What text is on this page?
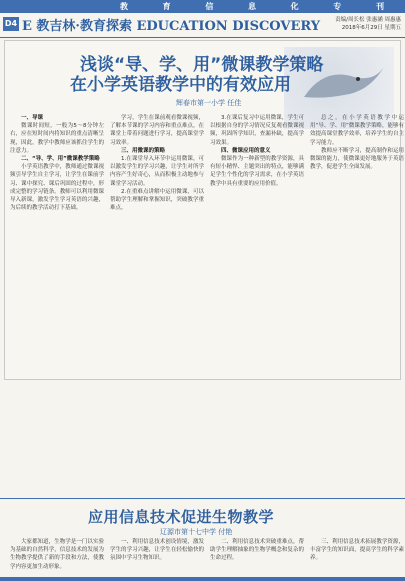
教	育	信	息	化	专	刊
D4 E 教吉林·教育探索 EDUCATION DISCOVERY	责编/周长松 张惠涵 周惠惠
2018年6月29日 星期五
浅谈“导、学、用”微课教学策略
在小学英语教学中的有效应用
辉春市第一小学 任佳

一、导课

微课时间短，一般为5～8分钟左右，应在短时间内将知识的重点清晰呈现，因此，教学中教师应该抓住学生的注意力。

二、“导、学、用”微课教学策略

小学英语教学中，教师通过微课视频引导学生自主学习，让学生在课前学习、课中探究、课后巩固的过程中，形成完整的学习链条。教师可以利用微课导入新课，激发学生学习英语的兴趣，为后续的教学活动打下基础。

学习，学生在课前观看微课视频，了解本节课的学习内容和重点难点，在课堂上带着问题进行学习，提高课堂学习效率。

三、用微课的策略

1.在课堂导入环节中运用微课，可以激发学生的学习兴趣，让学生对所学内容产生好奇心，从而积极主动地参与课堂学习活动。

2.在重难点讲解中运用微课，可以帮助学生理解和掌握知识，突破教学重难点。

3.在课后复习中运用微课，学生可以根据自身的学习情况反复观看微课视频，巩固所学知识，查漏补缺，提高学习效果。

四、微课应用的意义

微课作为一种新型的教学资源，具有短小精悍、主题突出的特点，能够满足学生个性化的学习需求，在小学英语教学中具有重要的应用价值。

总之，在小学英语教学中运用“导、学、用”微课教学策略，能够有效提高课堂教学效率，培养学生的自主学习能力。

教师应不断学习，提高制作和运用微课的能力，使微课更好地服务于英语教学，促进学生全面发展。

应用信息技术促进生物教学
辽源市第十七中学 付艳

大家都知道，生物学是一门以实验为基础的自然科学，信息技术的发展为生物教学提供了新的手段和方法，使教学内容更加生动形象。

一、利用信息技术创设情境，激发学生的学习兴趣，让学生在轻松愉快的氛围中学习生物知识。

二、利用信息技术突破重难点，帮助学生理解抽象的生物学概念和复杂的生命过程。

三、利用信息技术拓展教学资源，丰富学生的知识面，提高学生的科学素养。
